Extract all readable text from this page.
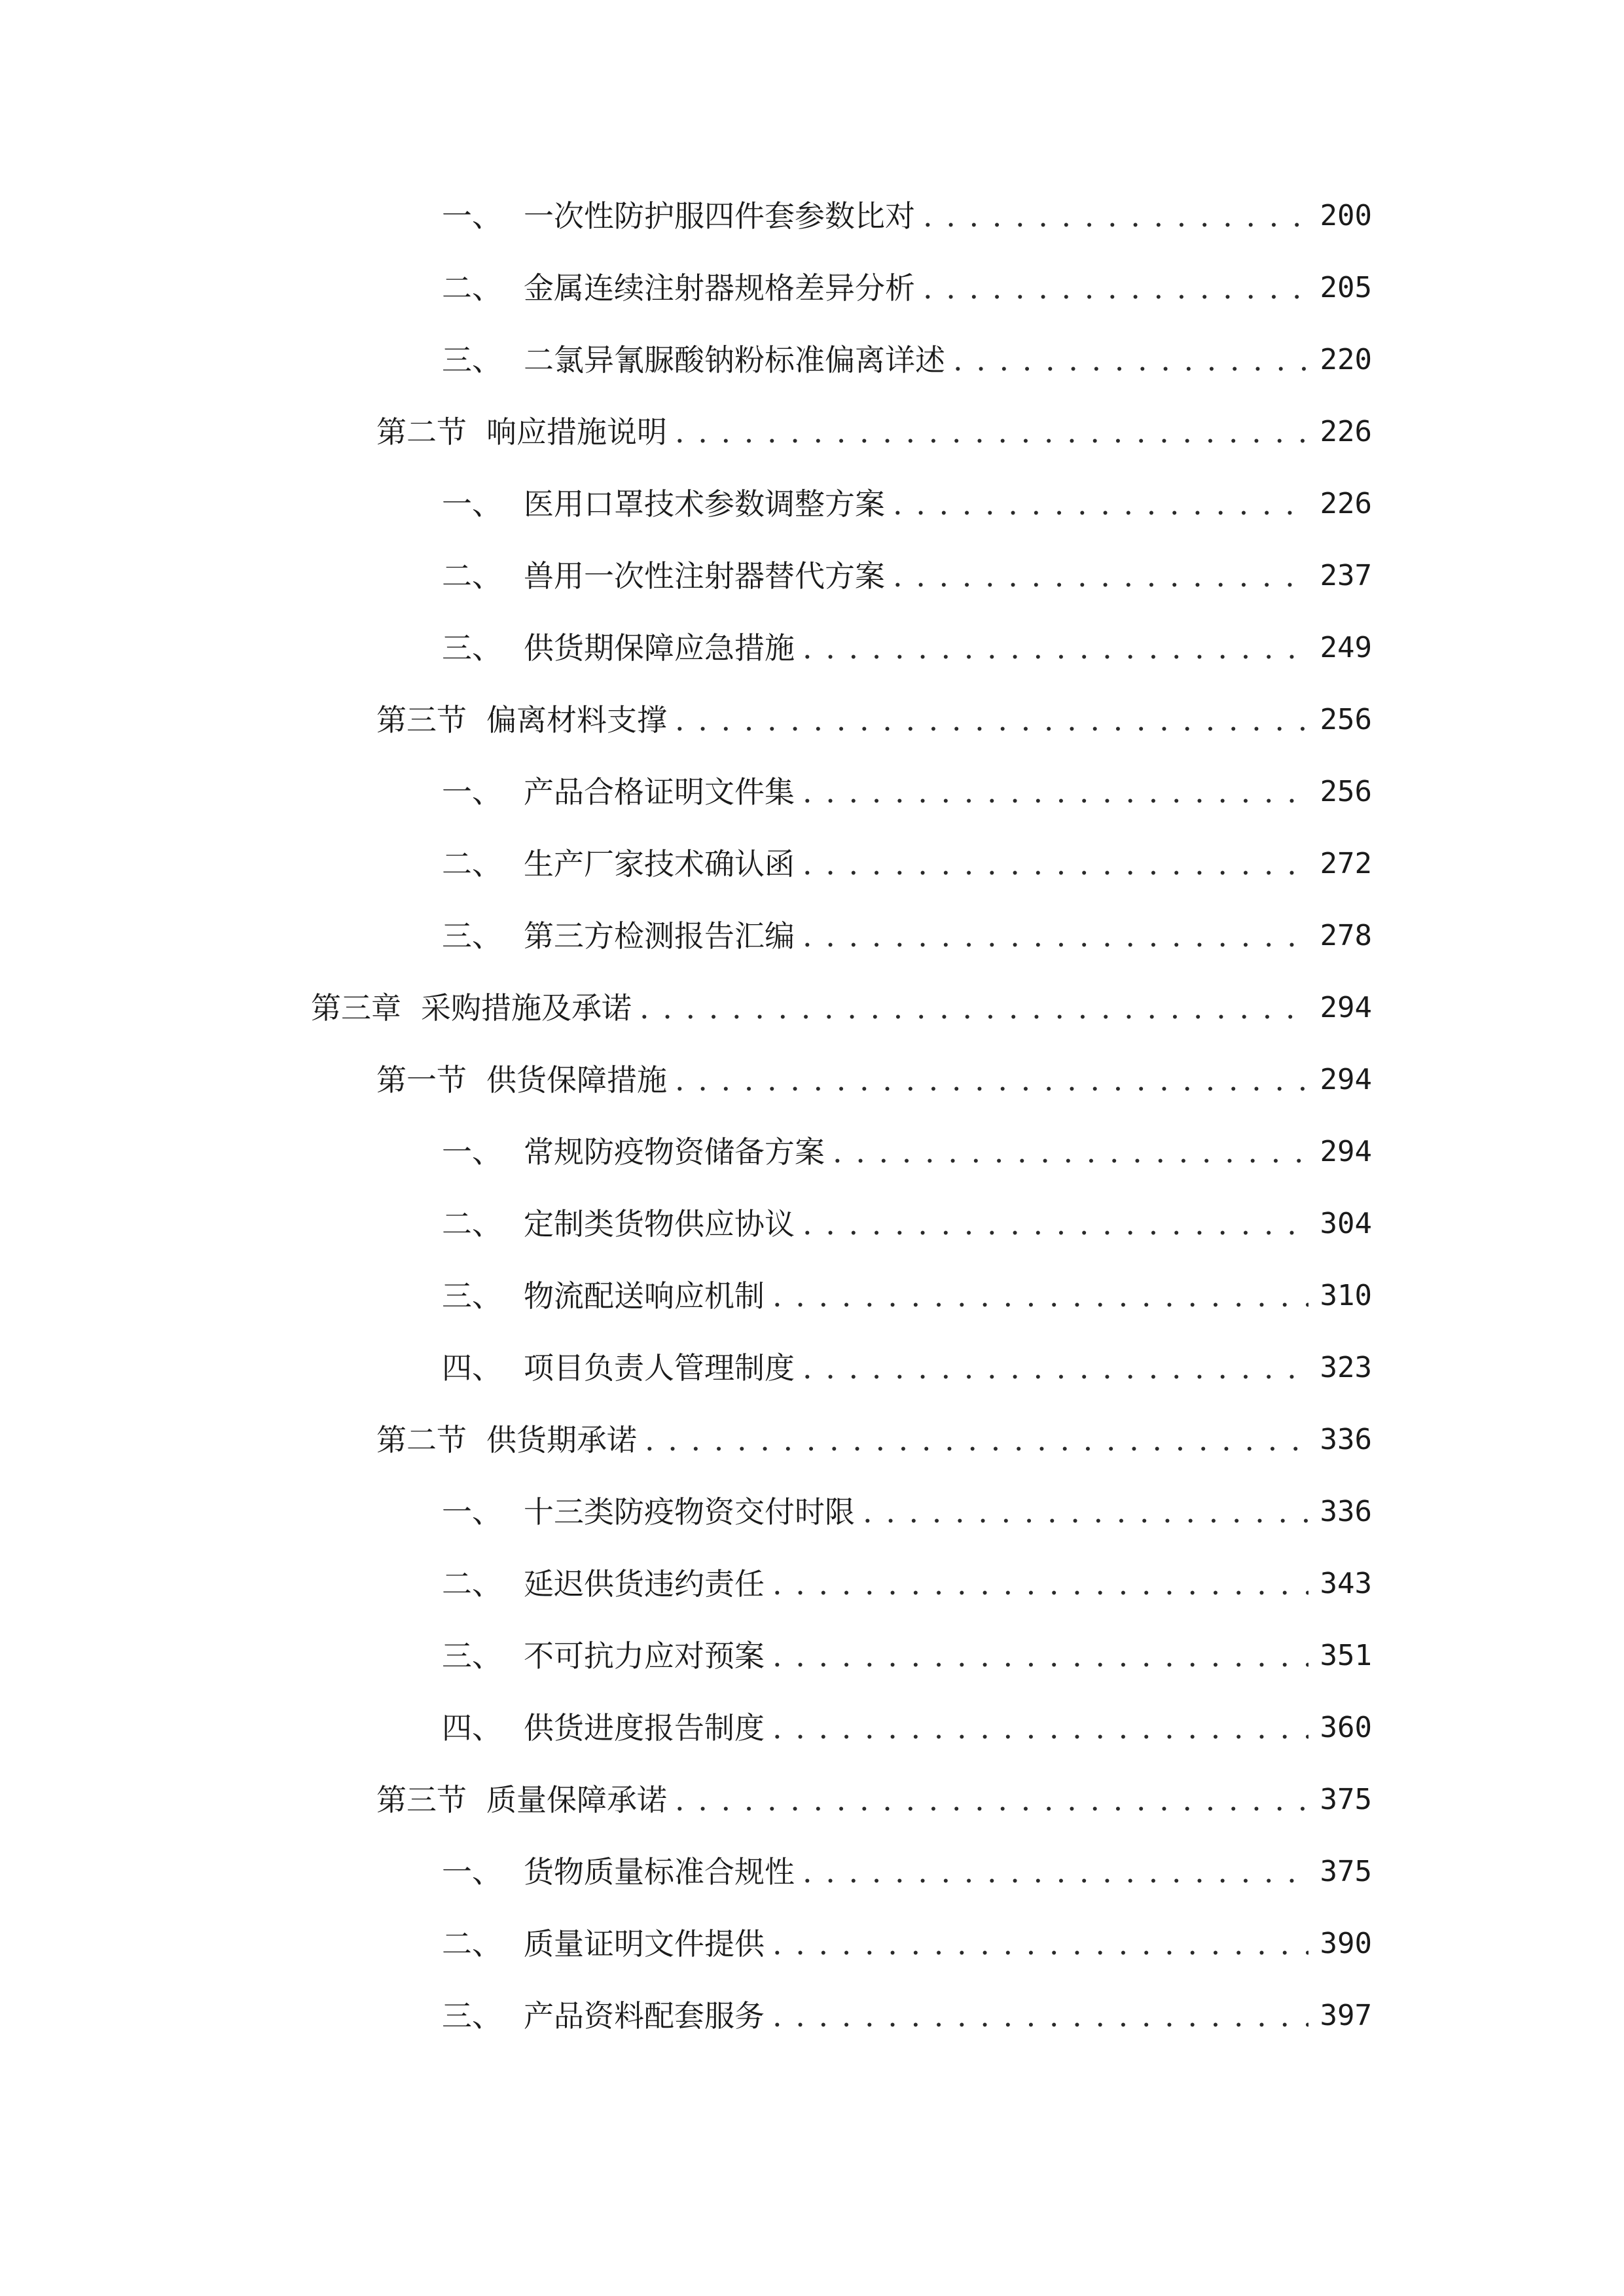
一、 一次性防护服四件套参数比对 . . .	200
二、 金属连续注射器规格差异分析 . . .	205
三、 二氯异氰脲酸钠粉标准偏离详述 . . .	220
第二节 响应措施说明 . . .	226
一、 医用口罩技术参数调整方案 . . .	226
二、 兽用一次性注射器替代方案 . . .	237
三、 供货期保障应急措施 . . .	249
第三节 偏离材料支撑 . . .	256
一、 产品合格证明文件集 . . .	256
二、 生产厂家技术确认函 . . .	272
三、 第三方检测报告汇编 . . .	278
第三章 采购措施及承诺 . . .	294
第一节 供货保障措施 . . .	294
一、 常规防疫物资储备方案 . . .	294
二、 定制类货物供应协议 . . .	304
三、 物流配送响应机制 . . .	310
四、 项目负责人管理制度 . . .	323
第二节 供货期承诺 . . .	336
一、 十三类防疫物资交付时限 . . .	336
二、 延迟供货违约责任 . . .	343
三、 不可抗力应对预案 . . .	351
四、 供货进度报告制度 . . .	360
第三节 质量保障承诺 . . .	375
一、 货物质量标准合规性 . . .	375
二、 质量证明文件提供 . . .	390
三、 产品资料配套服务 . . .	397
